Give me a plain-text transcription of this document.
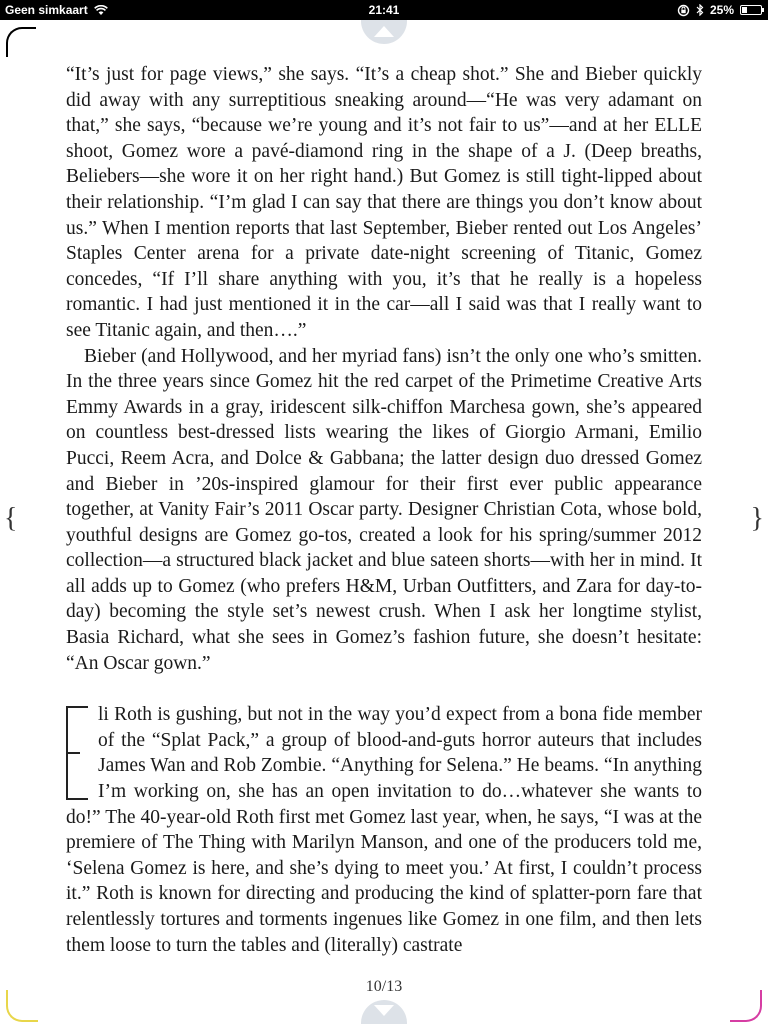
Geen simkaart	21:41	25%
{	}

“It’s just for page views,” she says. “It’s a cheap shot.” She and Bieber quickly did away with any surreptitious sneaking around—“He was very adamant on that,” she says, “because we’re young and it’s not fair to us”—and at her ELLE shoot, Gomez wore a pavé-diamond ring in the shape of a J. (Deep breaths, Beliebers—she wore it on her right hand.) But Gomez is still tight-lipped about their relationship. “I’m glad I can say that there are things you don’t know about us.” When I mention reports that last September, Bieber rented out Los Angeles’ Staples Center arena for a private date-night screening of Titanic, Gomez concedes, “If I’ll share anything with you, it’s that he really is a hopeless romantic. I had just mentioned it in the car—all I said was that I really want to see Titanic again, and then….”

Bieber (and Hollywood, and her myriad fans) isn’t the only one who’s smitten. In the three years since Gomez hit the red carpet of the Primetime Creative Arts Emmy Awards in a gray, iridescent silk-chiffon Marchesa gown, she’s appeared on countless best-dressed lists wearing the likes of Giorgio Armani, Emilio Pucci, Reem Acra, and Dolce & Gabbana; the latter design duo dressed Gomez and Bieber in ’20s-inspired glamour for their first ever public appearance together, at Vanity Fair’s 2011 Oscar party. Designer Christian Cota, whose bold, youthful designs are Gomez go-tos, created a look for his spring/summer 2012 collection—a structured black jacket and blue sateen shorts—with her in mind. It all adds up to Gomez (who prefers H&M, Urban Outfitters, and Zara for day-to-day) becoming the style set’s newest crush. When I ask her longtime stylist, Basia Richard, what she sees in Gomez’s fashion future, she doesn’t hesitate: “An Oscar gown.”

li Roth is gushing, but not in the way you’d expect from a bona fide member of the “Splat Pack,” a group of blood-and-guts horror auteurs that includes James Wan and Rob Zombie. “Anything for Selena.” He beams. “In anything I’m working on, she has an open invitation to do…whatever she wants to do!” The 40-year-old Roth first met Gomez last year, when, he says, “I was at the premiere of The Thing with Marilyn Manson, and one of the producers told me, ‘Selena Gomez is here, and she’s dying to meet you.’ At first, I couldn’t process it.” Roth is known for directing and producing the kind of splatter-porn fare that relentlessly tortures and torments ingenues like Gomez in one film, and then lets them loose to turn the tables and (literally) castrate

10/13
